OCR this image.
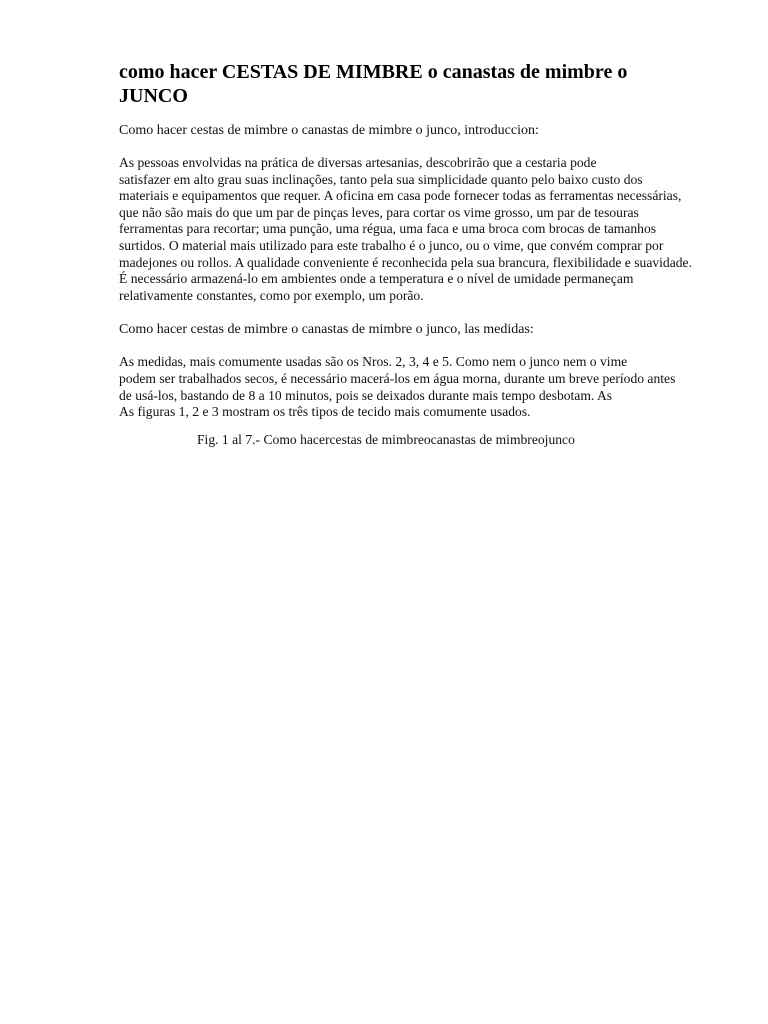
como hacer CESTAS DE MIMBRE o canastas de mimbre o
JUNCO

Como hacer cestas de mimbre o canastas de mimbre o junco, introduccion:

As pessoas envolvidas na prática de diversas artesanias, descobrirão que a cestaria pode
satisfazer em alto grau suas inclinações, tanto pela sua simplicidade quanto pelo baixo custo dos
materiais e equipamentos que requer. A oficina em casa pode fornecer todas as ferramentas necessárias,
que não são mais do que um par de pinças leves, para cortar os vime grosso, um par de tesouras
ferramentas para recortar; uma punção, uma régua, uma faca e uma broca com brocas de tamanhos
surtidos. O material mais utilizado para este trabalho é o junco, ou o vime, que convém comprar por
madejones ou rollos. A qualidade conveniente é reconhecida pela sua brancura, flexibilidade e suavidade.
É necessário armazená-lo em ambientes onde a temperatura e o nível de umidade permaneçam
relativamente constantes, como por exemplo, um porão.

Como hacer cestas de mimbre o canastas de mimbre o junco, las medidas:

As medidas, mais comumente usadas são os Nros. 2, 3, 4 e 5. Como nem o junco nem o vime
podem ser trabalhados secos, é necessário macerá-los em água morna, durante um breve período antes
de usá-los, bastando de 8 a 10 minutos, pois se deixados durante mais tempo desbotam. As
As figuras 1, 2 e 3 mostram os três tipos de tecido mais comumente usados.

Fig. 1 al 7.- Como hacercestas de mimbreocanastas de mimbreojunco
